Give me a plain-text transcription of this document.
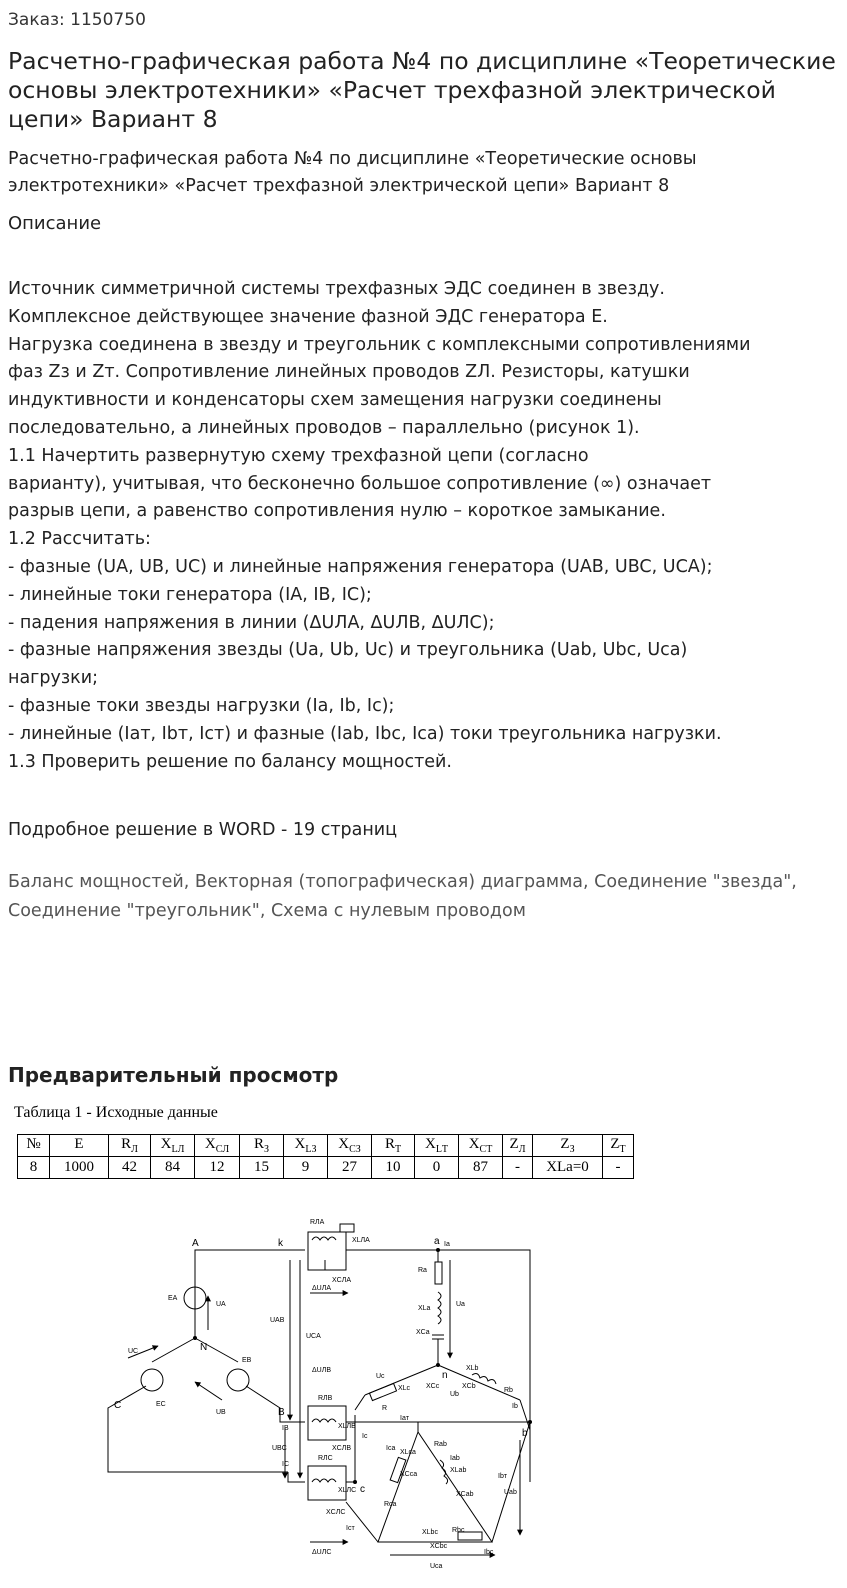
Заказ: 1150750
Расчетно-графическая работа №4 по дисциплине «Теоретические основы электротехники» «Расчет трехфазной электрической цепи» Вариант 8
Расчетно-графическая работа №4 по дисциплине «Теоретические основы электротехники» «Расчет трехфазной электрической цепи» Вариант 8
Описание
Источник симметричной системы трехфазных ЭДС соединен в звезду.
Комплексное действующее значение фазной ЭДС генератора Е.
Нагрузка соединена в звезду и треугольник с комплексными сопротивлениями
фаз Zз и Zт. Сопротивление линейных проводов ZЛ. Резисторы, катушки
индуктивности и конденсаторы схем замещения нагрузки соединены
последовательно, а линейных проводов – параллельно (рисунок 1).
1.1 Начертить развернутую схему трехфазной цепи (согласно
варианту), учитывая, что бесконечно большое сопротивление (∞) означает
разрыв цепи, а равенство сопротивления нулю – короткое замыкание.
1.2 Рассчитать:
- фазные (UA, UB, UC) и линейные напряжения генератора (UAB, UBC, UCA);
- линейные токи генератора (IA, IB, IC);
- падения напряжения в линии (ΔUЛA, ΔUЛB, ΔUЛC);
- фазные напряжения звезды (Ua, Ub, Uc) и треугольника (Uab, Ubc, Uca)
нагрузки;
- фазные токи звезды нагрузки (Ia, Ib, Ic);
- линейные (Iaт, Ibт, Icт) и фазные (Iab, Ibc, Ica) токи треугольника нагрузки.
1.3 Проверить решение по балансу мощностей.
Подробное решение в WORD - 19 страниц
Баланс мощностей, Векторная (топографическая) диаграмма, Соединение "звезда", Соединение "треугольник", Схема с нулевым проводом
Предварительный просмотр
Таблица 1 - Исходные данные
№	E	$R_Л$	$X_{LЛ}$	$X_{CЛ}$	$R_З$	$X_{LЗ}$	$X_{CЗ}$	$R_Т$	$X_{LТ}$	$X_{CТ}$	$Z_Л$	$Z_З$	$Z_Т$
8	1000	42	84	12	15	9	27	10	0	87	-	XLa=0	-
A	k
N
C
B
a
n
b
c
EA
EB
EC
UA
UB
UC
UAB
UCA
UBC
ΔUЛA
ΔUЛB
ΔUЛC
RЛA
XLЛA
XCЛA
RЛB
XLЛB
XCЛB
RЛC
XLЛC
XCЛC
Ra
XLa
XCa
Ua
Ia
Uc
Ub
XLc XCc
R
XLb
XCb
Rb
Ib
Ic
Rab
XLab
XCab
Iab
XLca
XCca
Rca
Ica
Rbc
XLbc
XCbc
Ibc
Uab
Ibт
Icт
Uca
Iaт
IC
IB
